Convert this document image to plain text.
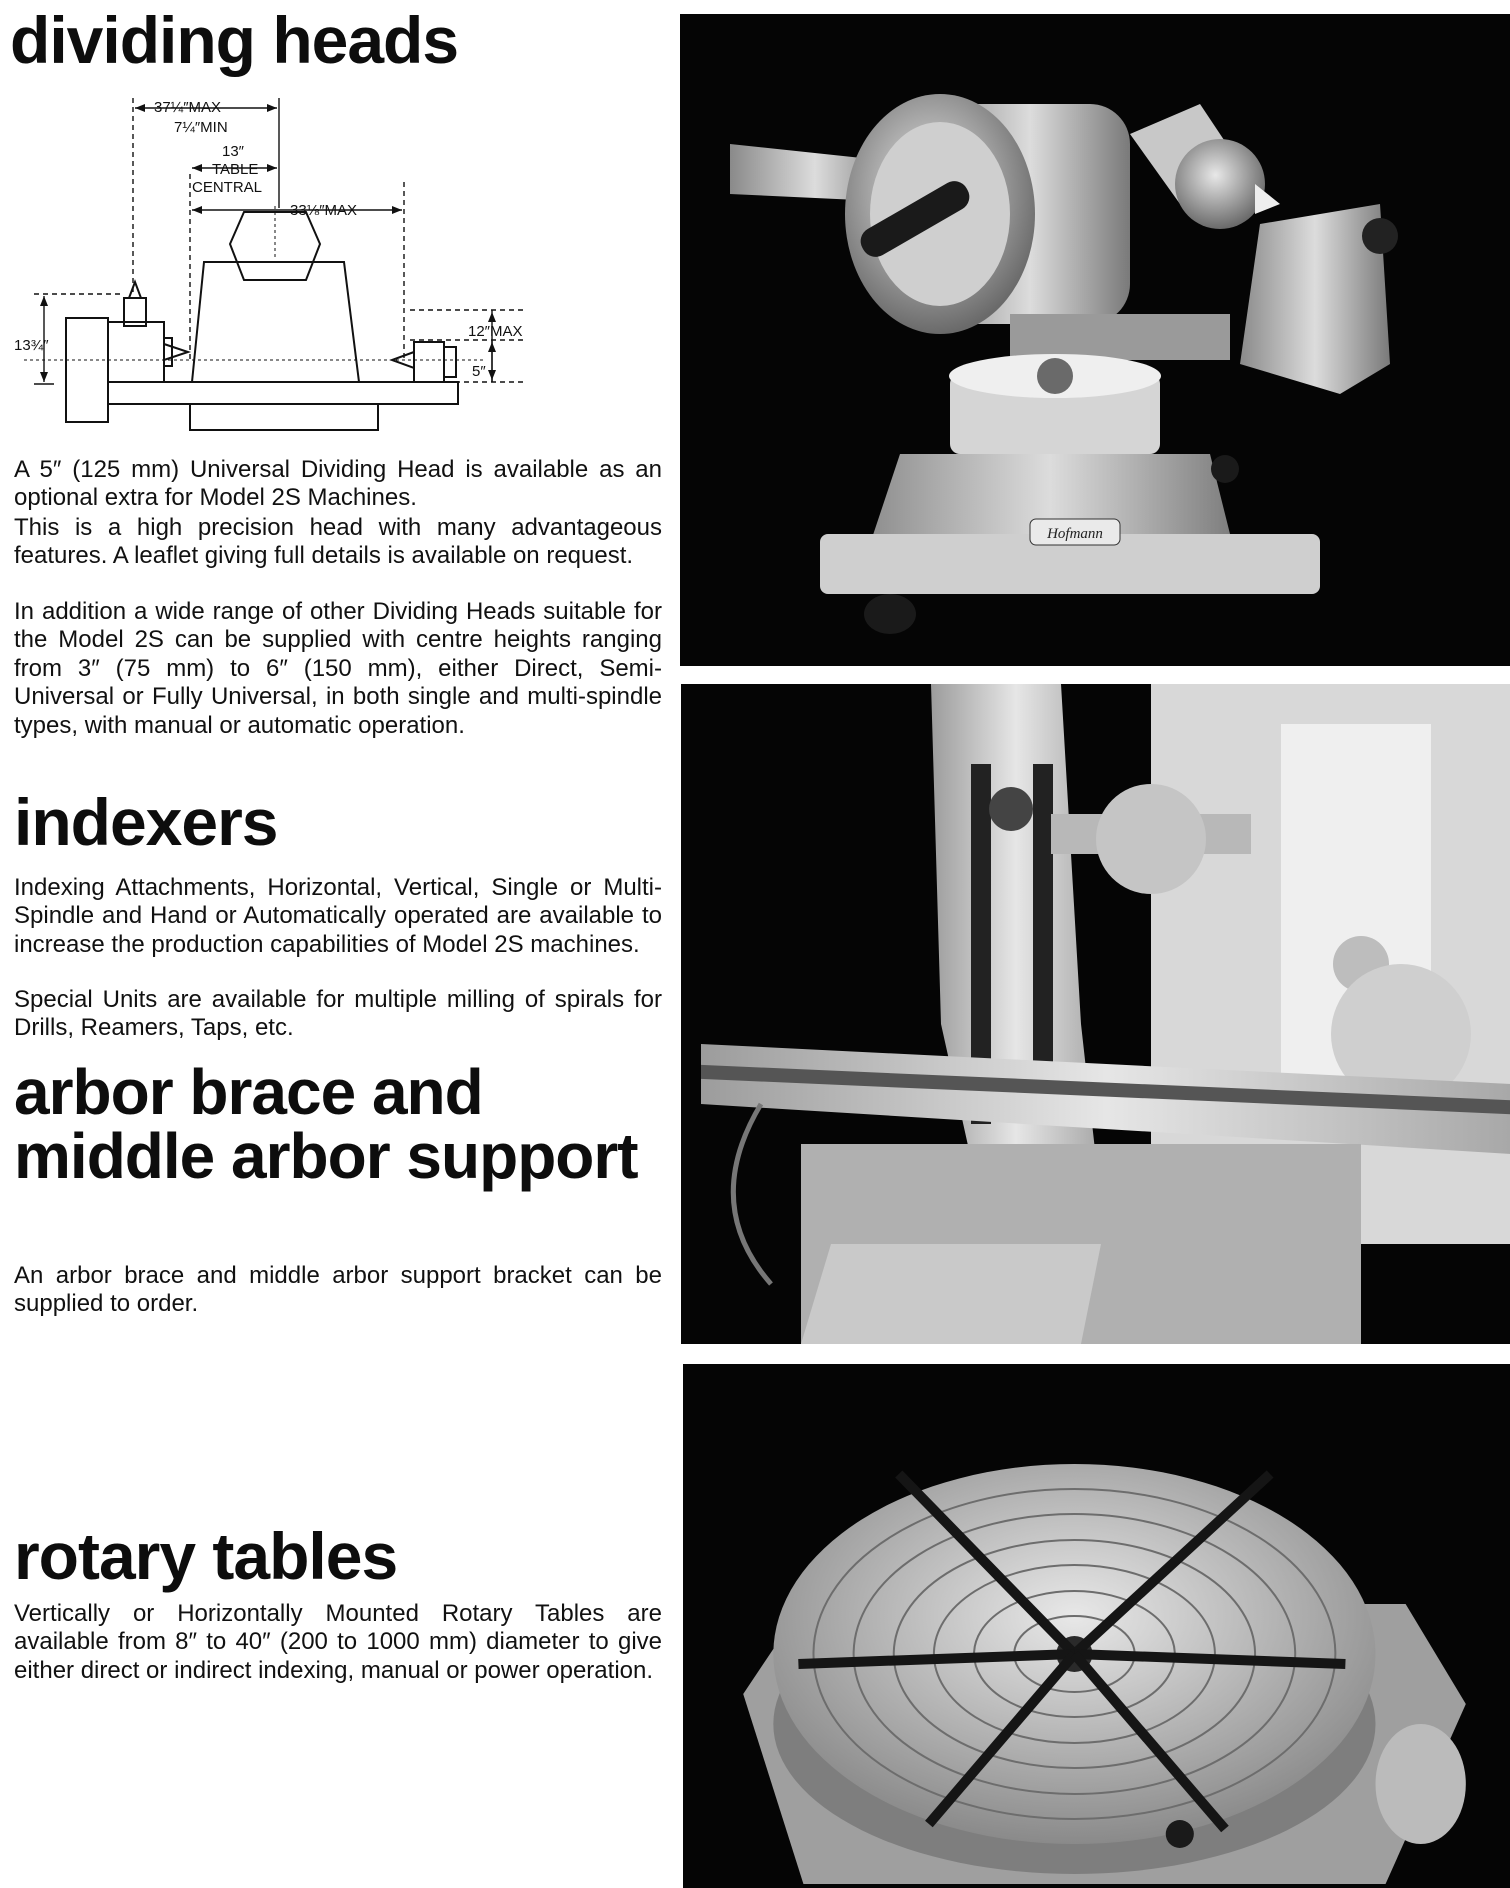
dividing heads
37¼″MAX
7¼″MIN
13″
TABLE
CENTRAL
33⅛″MAX
13¾″
12″MAX
5″

A 5″ (125 mm) Universal Dividing Head is available as an optional extra for Model 2S Machines.

This is a high precision head with many advantageous features. A leaflet giving full details is available on request.

In addition a wide range of other Dividing Heads suitable for the Model 2S can be supplied with centre heights ranging from 3″ (75 mm) to 6″ (150 mm), either Direct, Semi-Universal or Fully Universal, in both single and multi-spindle types, with manual or automatic operation.

indexers

Indexing Attachments, Horizontal, Vertical, Single or Multi-Spindle and Hand or Automatically operated are available to increase the production capabilities of Model 2S machines.

Special Units are available for multiple milling of spirals for Drills, Reamers, Taps, etc.

arbor brace and middle arbor support

An arbor brace and middle arbor support bracket can be supplied to order.

rotary tables

Vertically or Horizontally Mounted Rotary Tables are available from 8″ to 40″ (200 to 1000 mm) diameter to give either direct or indirect indexing, manual or power operation.

Hofmann
